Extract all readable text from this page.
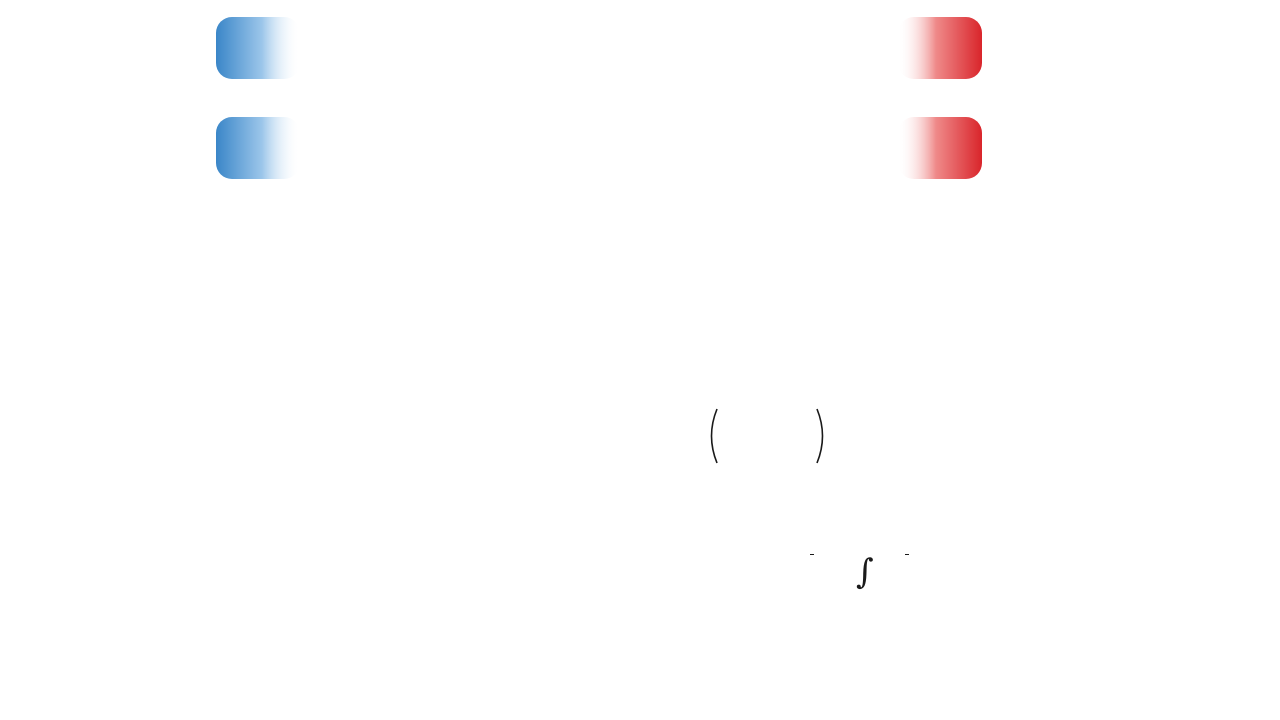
∫
